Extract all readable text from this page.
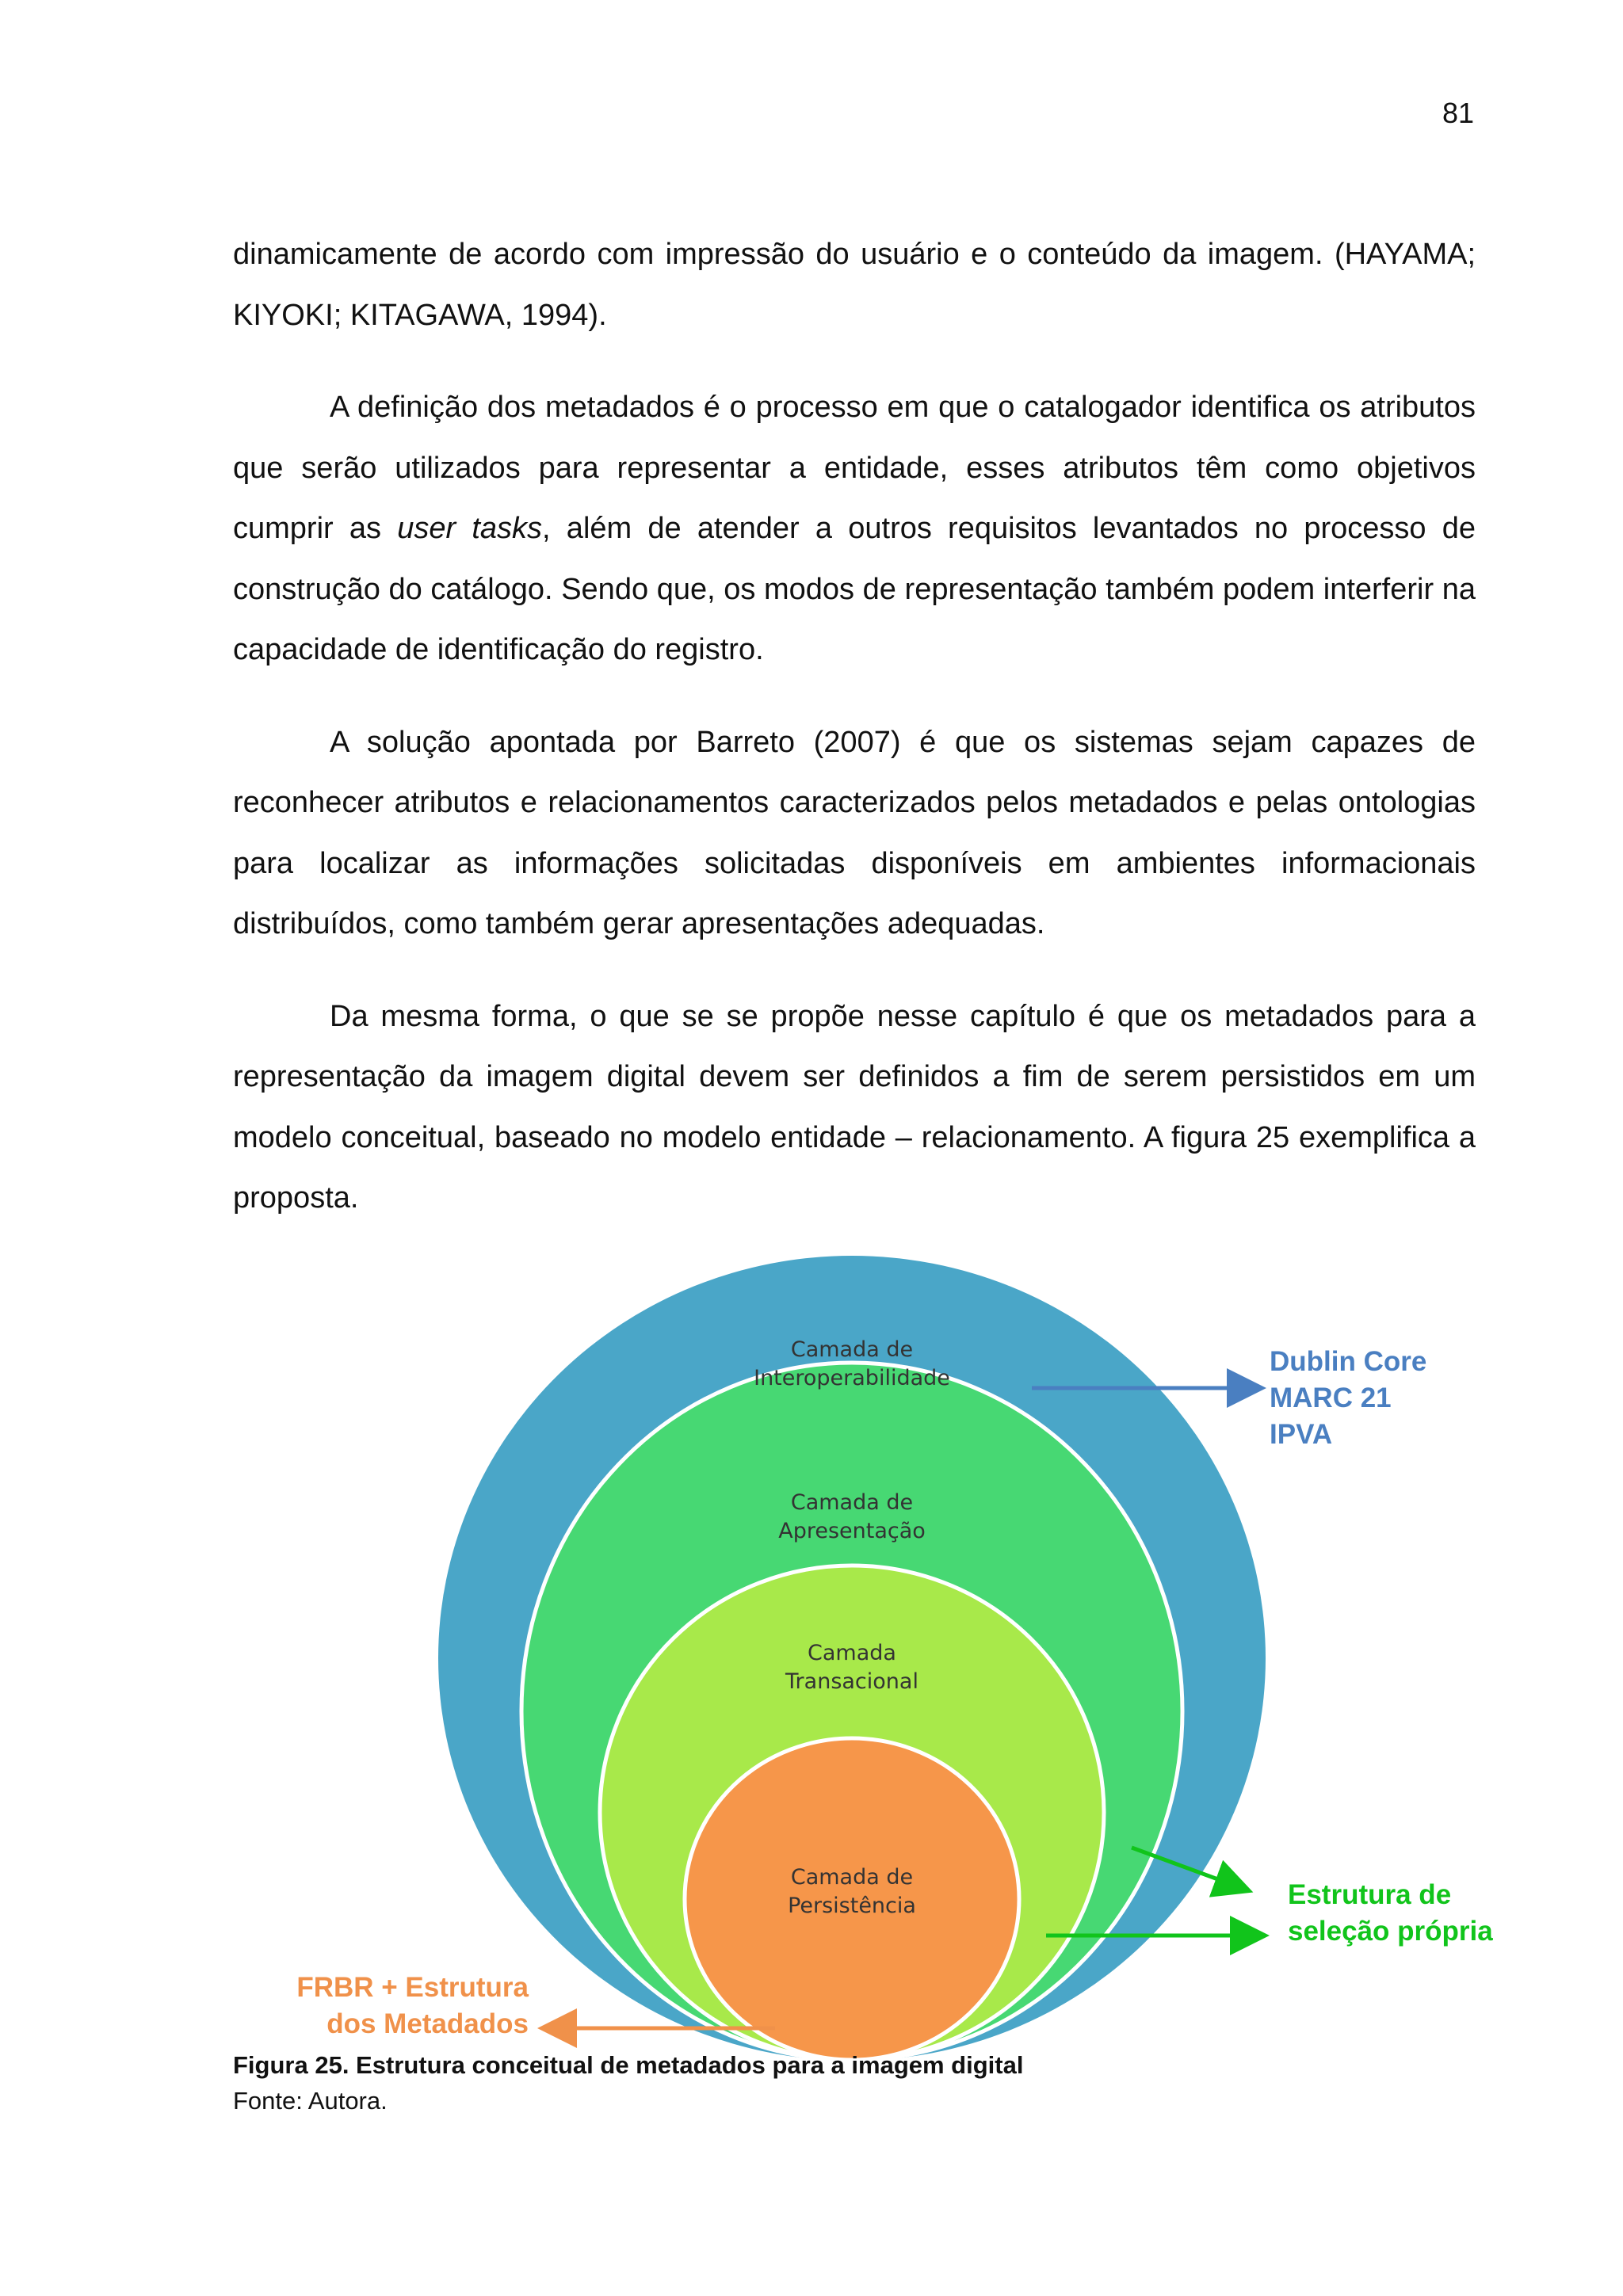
81

dinamicamente de acordo com impressão do usuário e o conteúdo da imagem. (HAYAMA; KIYOKI; KITAGAWA, 1994).

A definição dos metadados é o processo em que o catalogador identifica os atributos que serão utilizados para representar a entidade, esses atributos têm como objetivos cumprir as user tasks, além de atender a outros requisitos levantados no processo de construção do catálogo. Sendo que, os modos de representação também podem interferir na capacidade de identificação do registro.

A solução apontada por Barreto (2007) é que os sistemas sejam capazes de reconhecer atributos e relacionamentos caracterizados pelos metadados e pelas ontologias para localizar as informações solicitadas disponíveis em ambientes informacionais distribuídos, como também gerar apresentações adequadas.

Da mesma forma, o que se se propõe nesse capítulo é que os metadados para a representação da imagem digital devem ser definidos a fim de serem persistidos em um modelo conceitual, baseado no modelo entidade – relacionamento. A figura 25 exemplifica a proposta.

Camada de
Interoperabilidade
Camada de
Apresentação
Camada
Transacional
Camada de
Persistência
Dublin Core
MARC 21
IPVA
Estrutura de
seleção própria
FRBR + Estrutura
dos Metadados
Figura 25. Estrutura conceitual de metadados para a imagem digital
Fonte: Autora.
